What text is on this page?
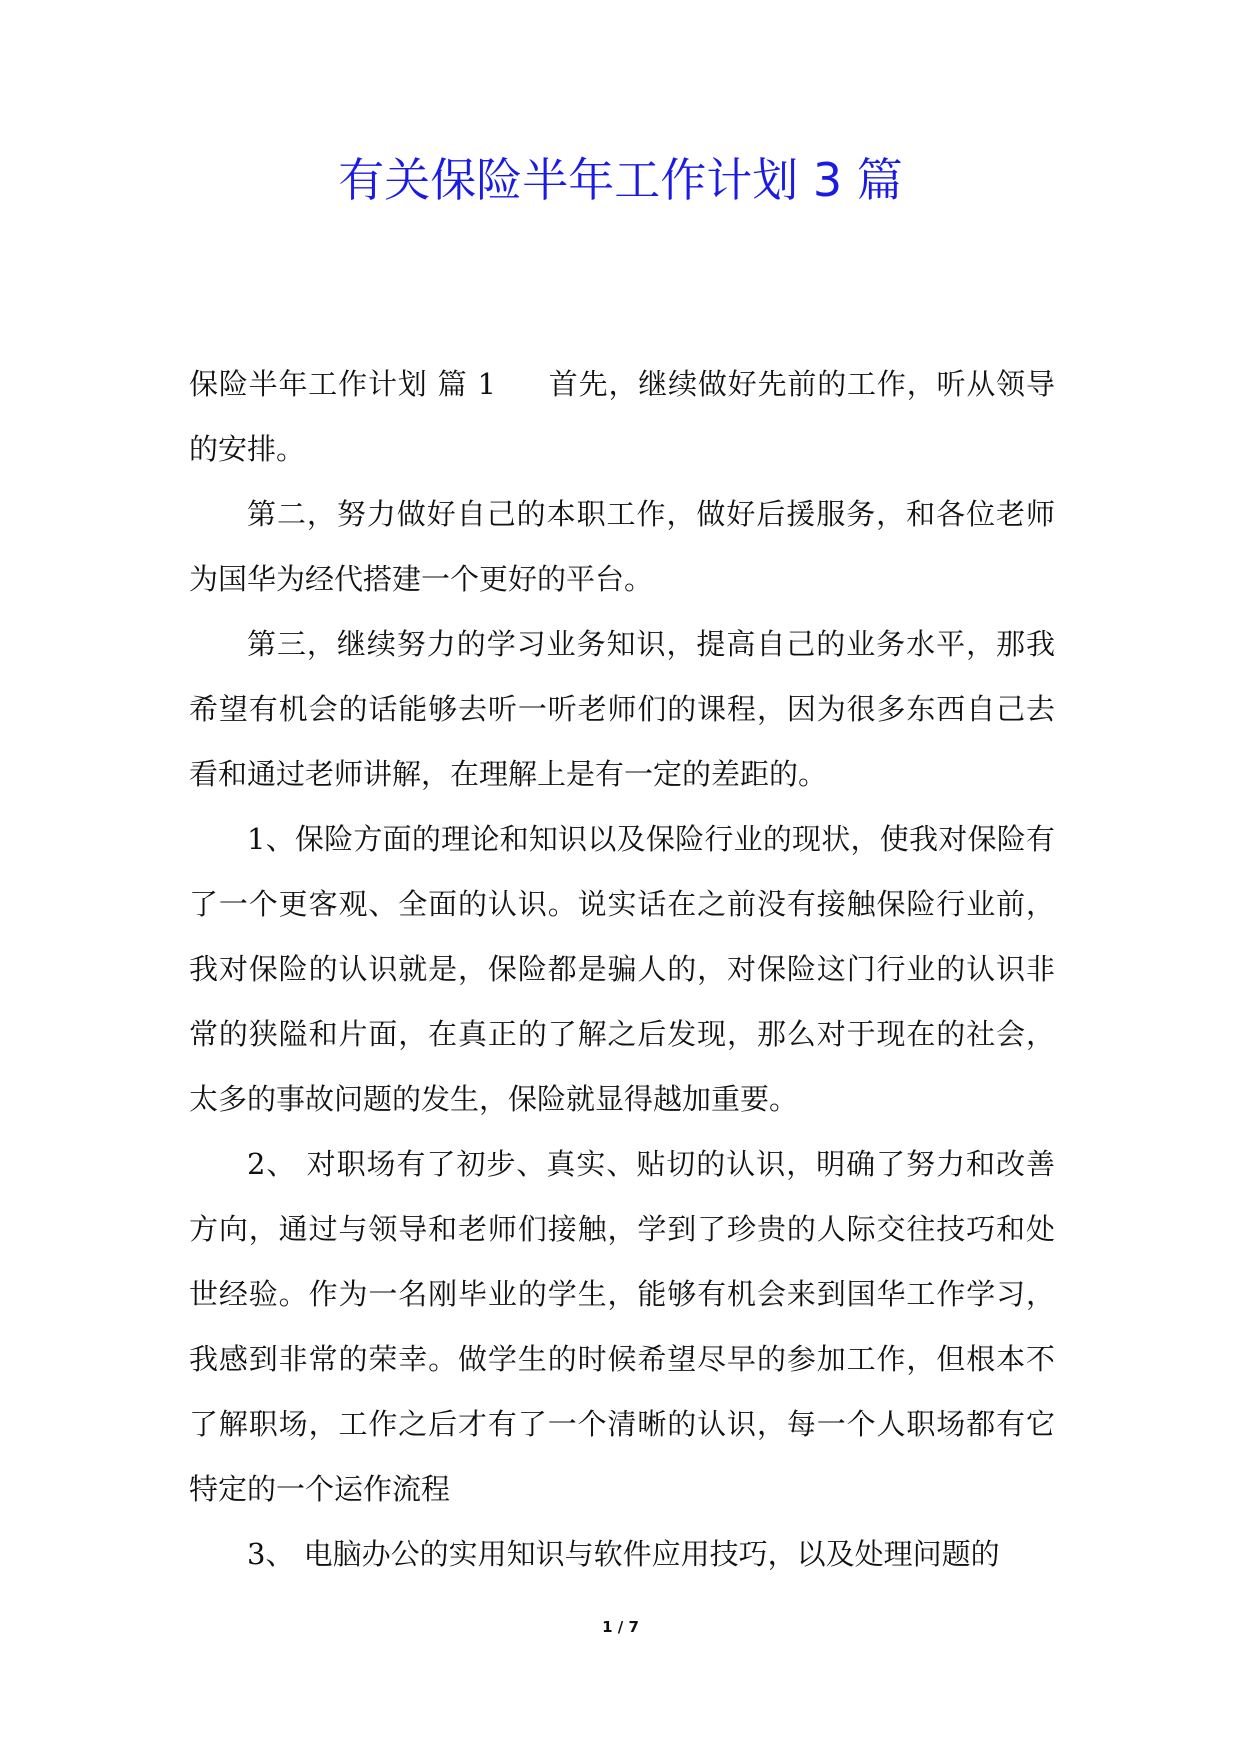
有关保险半年工作计划 3 篇

保险半年工作计划 篇 1 首先，继续做好先前的工作，听从领导的安排。

第二，努力做好自己的本职工作，做好后援服务，和各位老师为国华为经代搭建一个更好的平台。

第三，继续努力的学习业务知识，提高自己的业务水平，那我希望有机会的话能够去听一听老师们的课程，因为很多东西自己去看和通过老师讲解，在理解上是有一定的差距的。

1、保险方面的理论和知识以及保险行业的现状，使我对保险有了一个更客观、全面的认识。说实话在之前没有接触保险行业前，我对保险的认识就是，保险都是骗人的，对保险这门行业的认识非常的狭隘和片面，在真正的了解之后发现，那么对于现在的社会，太多的事故问题的发生，保险就显得越加重要。

2、 对职场有了初步、真实、贴切的认识，明确了努力和改善方向，通过与领导和老师们接触，学到了珍贵的人际交往技巧和处世经验。作为一名刚毕业的学生，能够有机会来到国华工作学习，我感到非常的荣幸。做学生的时候希望尽早的参加工作，但根本不了解职场，工作之后才有了一个清晰的认识，每一个人职场都有它特定的一个运作流程

3、 电脑办公的实用知识与软件应用技巧，以及处理问题的

1 / 7
